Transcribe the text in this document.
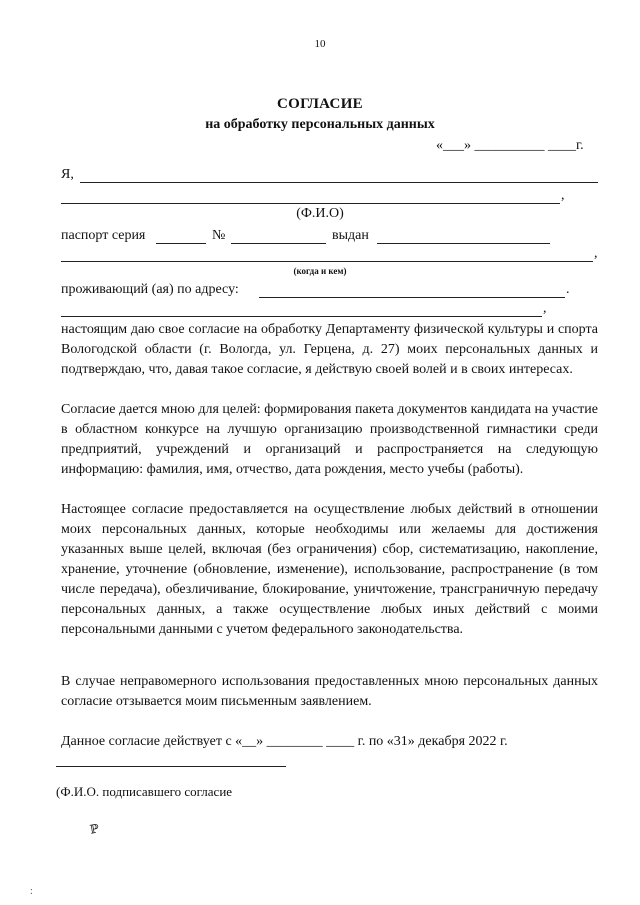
10
СОГЛАСИЕ
на обработку персональных данных
«___» __________ ____г.
Я,
,
(Ф.И.О)
паспорт серия	№	выдан
,
(когда и кем)
проживающий (ая) по адресу:	.
,
настоящим даю свое согласие на обработку Департаменту физической культуры и спорта Вологодской области (г. Вологда, ул. Герцена, д. 27) моих персональных данных и подтверждаю, что, давая такое согласие, я действую своей волей и в своих интересах.
Согласие дается мною для целей: формирования пакета документов кандидата на участие в областном конкурсе на лучшую организацию производственной гимнастики среди предприятий, учреждений и организаций и распространяется на следующую информацию: фамилия, имя, отчество, дата рождения, место учебы (работы).
Настоящее согласие предоставляется на осуществление любых действий в отношении моих персональных данных, которые необходимы или желаемы для достижения указанных выше целей, включая (без ограничения) сбор, систематизацию, накопление, хранение, уточнение (обновление, изменение), использование, распространение (в том числе передача), обезличивание, блокирование, уничтожение, трансграничную передачу персональных данных, а также осуществление любых иных действий с моими персональными данными с учетом федерального законодательства.
В случае неправомерного использования предоставленных мною персональных данных согласие отзывается моим письменным заявлением.
Данное согласие действует с «__» ________ ____ г. по «31» декабря 2022 г.
(Ф.И.О. подписавшего согласие
ℙ
:
